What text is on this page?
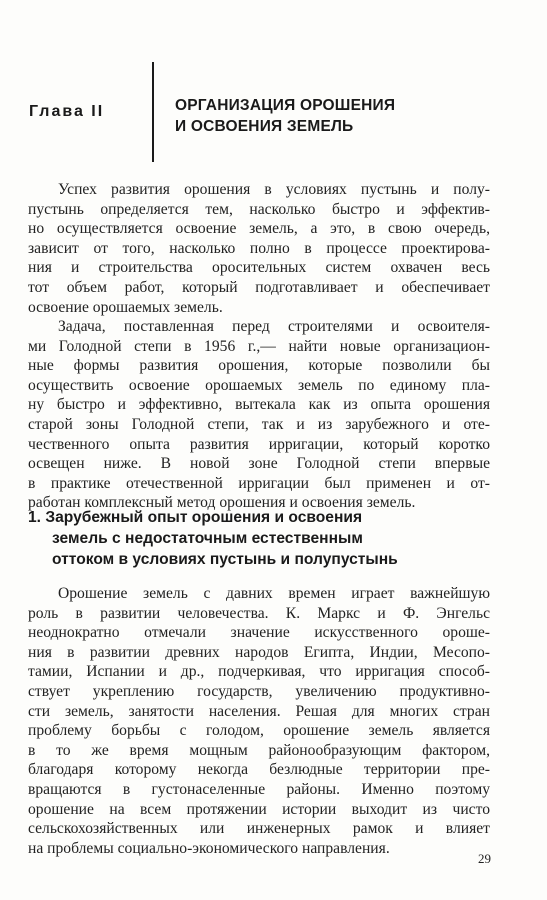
Глава II	ОРГАНИЗАЦИЯ ОРОШЕНИЯ
И ОСВОЕНИЯ ЗЕМЕЛЬ
Успех развития орошения в условиях пустынь и полу-
пустынь определяется тем, насколько быстро и эффектив-
но осуществляется освоение земель, а это, в свою очередь,
зависит от того, насколько полно в процессе проектирова-
ния и строительства оросительных систем охвачен весь
тот объем работ, который подготавливает и обеспечивает
освоение орошаемых земель.
Задача, поставленная перед строителями и освоителя-
ми Голодной степи в 1956 г.,— найти новые организацион-
ные формы развития орошения, которые позволили бы
осуществить освоение орошаемых земель по единому пла-
ну быстро и эффективно, вытекала как из опыта орошения
старой зоны Голодной степи, так и из зарубежного и оте-
чественного опыта развития ирригации, который коротко
освещен ниже. В новой зоне Голодной степи впервые
в практике отечественной ирригации был применен и от-
работан комплексный метод орошения и освоения земель.
1. Зарубежный опыт орошения и освоения
земель с недостаточным естественным
оттоком в условиях пустынь и полупустынь
Орошение земель с давних времен играет важнейшую
роль в развитии человечества. К. Маркс и Ф. Энгельс
неоднократно отмечали значение искусственного ороше-
ния в развитии древних народов Египта, Индии, Месопо-
тамии, Испании и др., подчеркивая, что ирригация способ-
ствует укреплению государств, увеличению продуктивно-
сти земель, занятости населения. Решая для многих стран
проблему борьбы с голодом, орошение земель является
в то же время мощным районообразующим фактором,
благодаря которому некогда безлюдные территории пре-
вращаются в густонаселенные районы. Именно поэтому
орошение на всем протяжении истории выходит из чисто
сельскохозяйственных или инженерных рамок и влияет
на проблемы социально-экономического направления.
29
